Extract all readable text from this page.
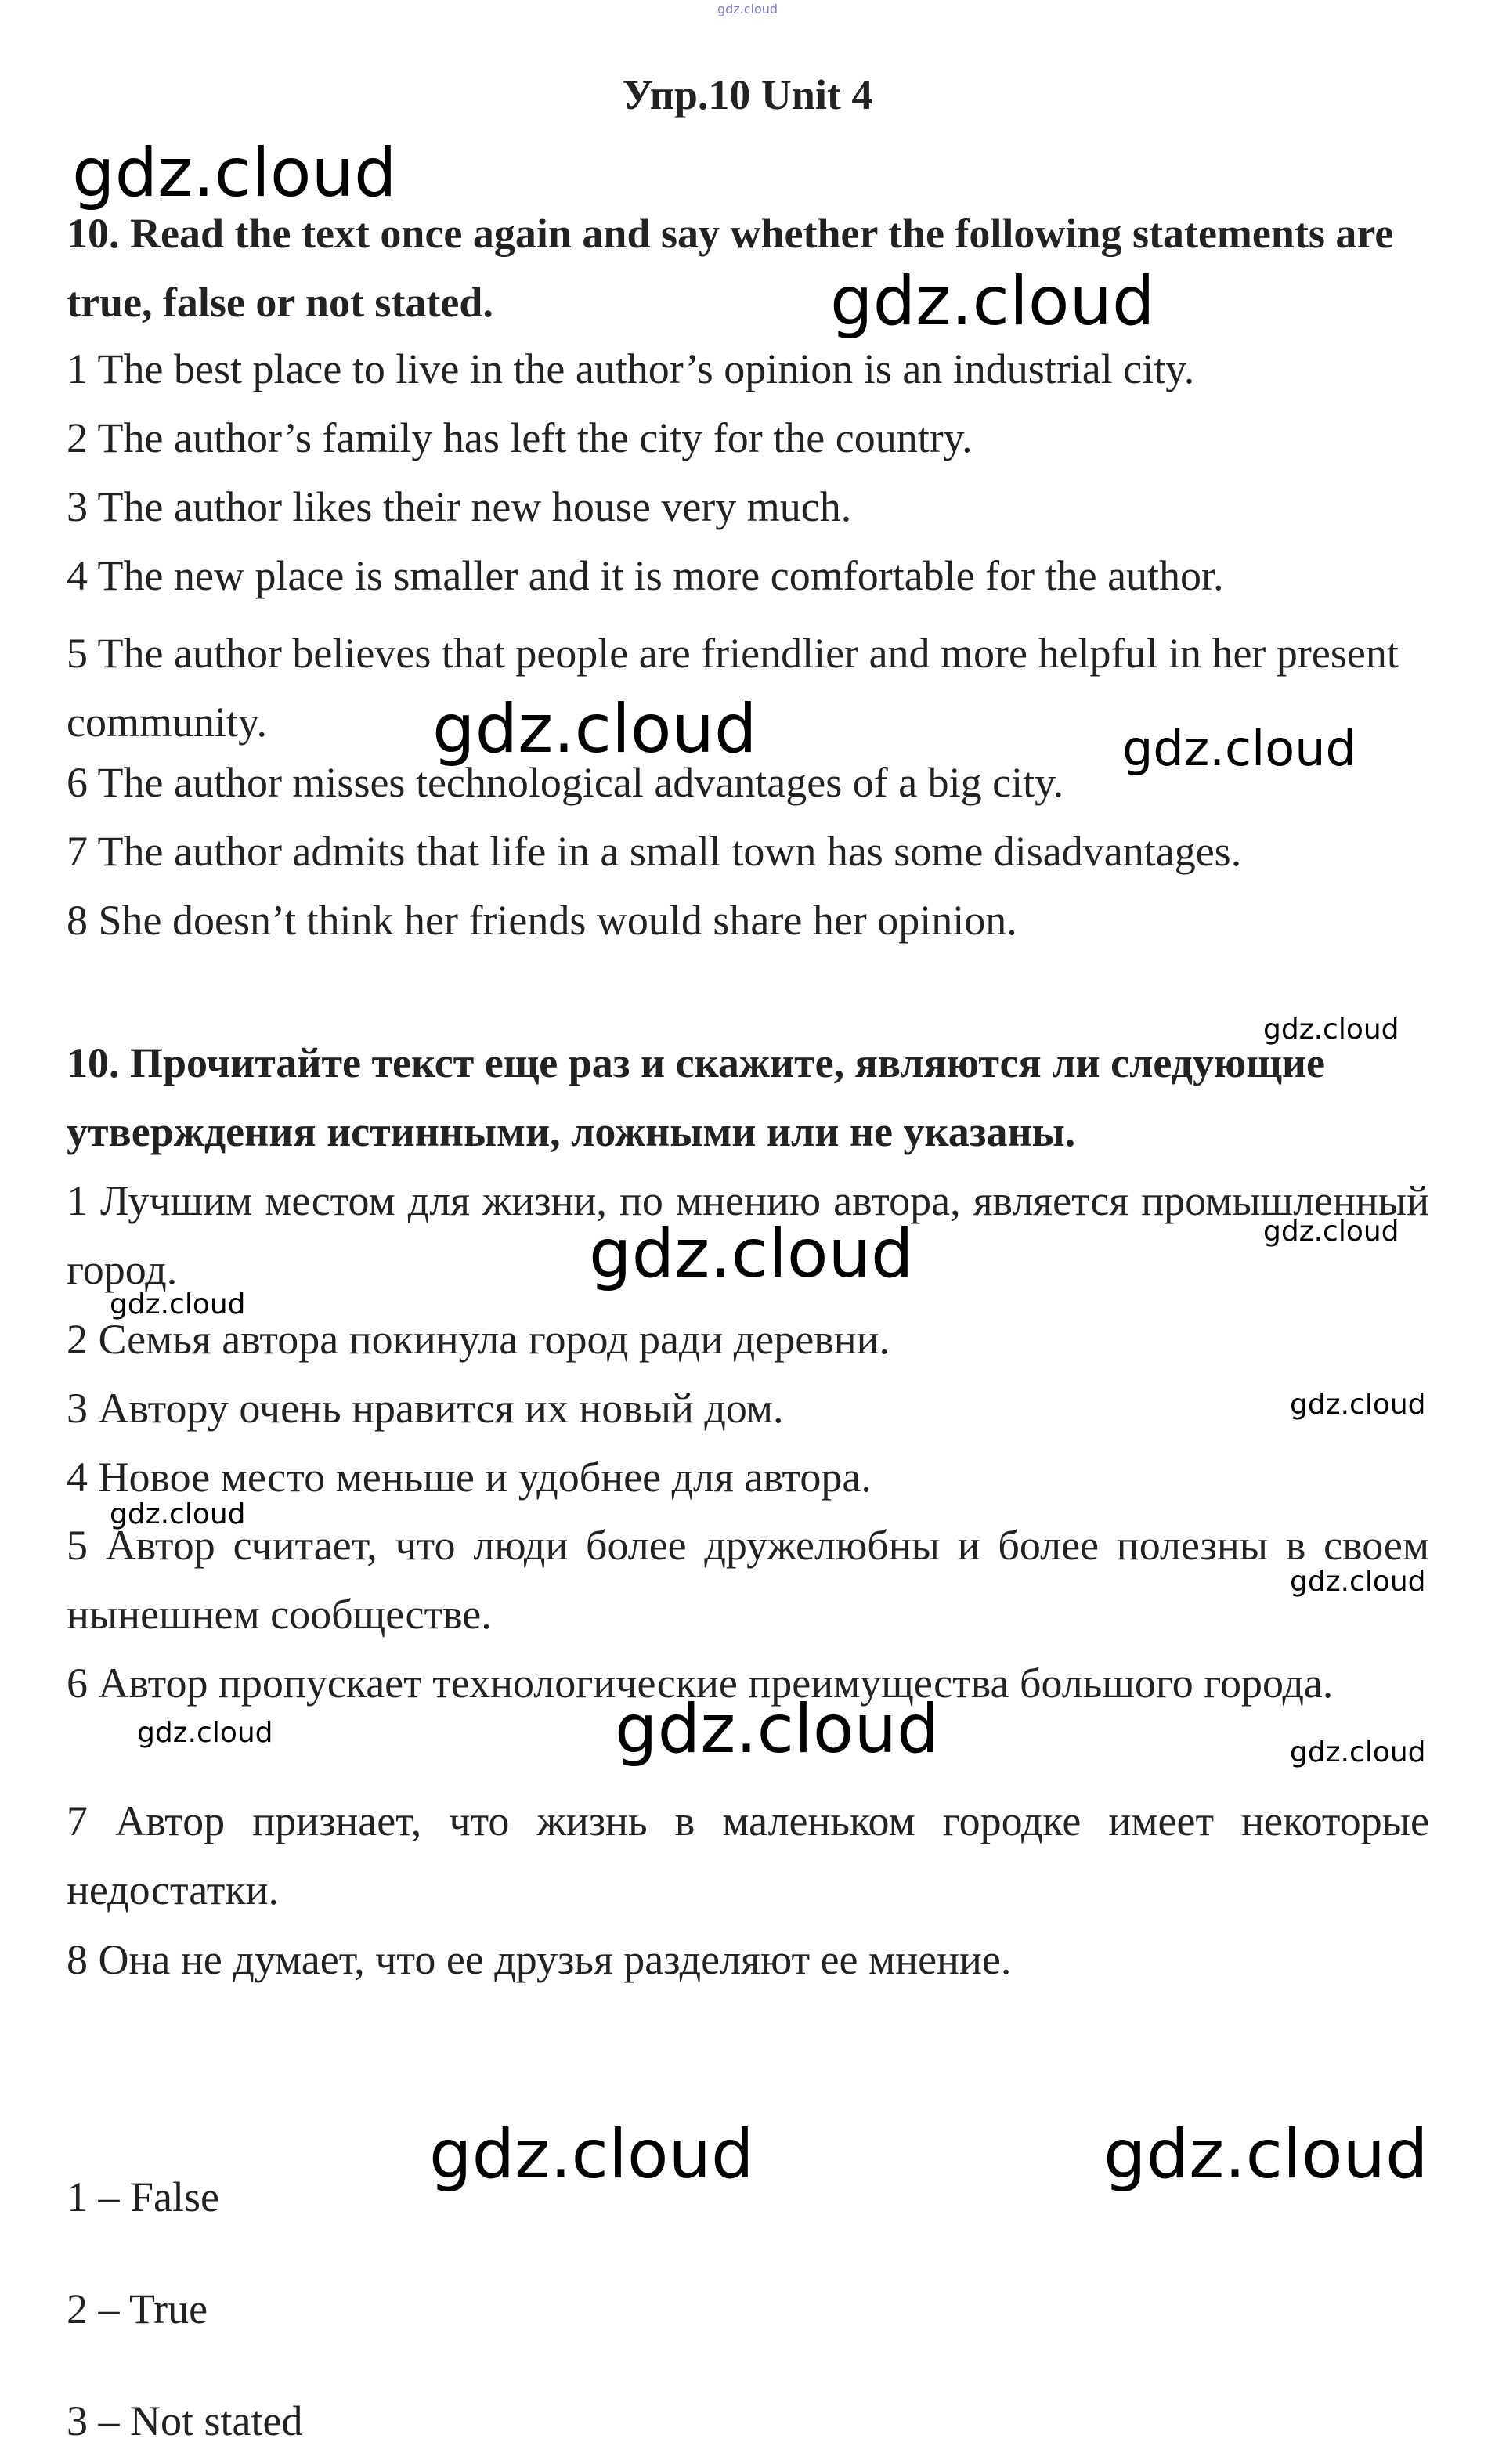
gdz.cloud
Упр.10 Unit 4
10. Read the text once again and say whether the following statements are true, false or not stated.
1 The best place to live in the author’s opinion is an industrial city.
2 The author’s family has left the city for the country.
3 The author likes their new house very much.
4 The new place is smaller and it is more comfortable for the author.
5 The author believes that people are friendlier and more helpful in her present community.
6 The author misses technological advantages of a big city.
7 The author admits that life in a small town has some disadvantages.
8 She doesn’t think her friends would share her opinion.
10. Прочитайте текст еще раз и скажите, являются ли следующие утверждения истинными, ложными или не указаны.
1 Лучшим местом для жизни, по мнению автора, является промышленный город.
2 Семья автора покинула город ради деревни.
3 Автору очень нравится их новый дом.
4 Новое место меньше и удобнее для автора.
5 Автор считает, что люди более дружелюбны и более полезны в своем нынешнем сообществе.
6 Автор пропускает технологические преимущества большого города.
7 Автор признает, что жизнь в маленьком городке имеет некоторые недостатки.
8 Она не думает, что ее друзья разделяют ее мнение.
1 – False
2 – True
3 – Not stated
gdz.cloud
gdz.cloud
gdz.cloud	gdz.cloud
gdz.cloud
gdz.cloud
gdz.cloud
gdz.cloud
gdz.cloud
gdz.cloud
gdz.cloud
gdz.cloud	gdz.cloud	gdz.cloud
gdz.cloud	gdz.cloud
